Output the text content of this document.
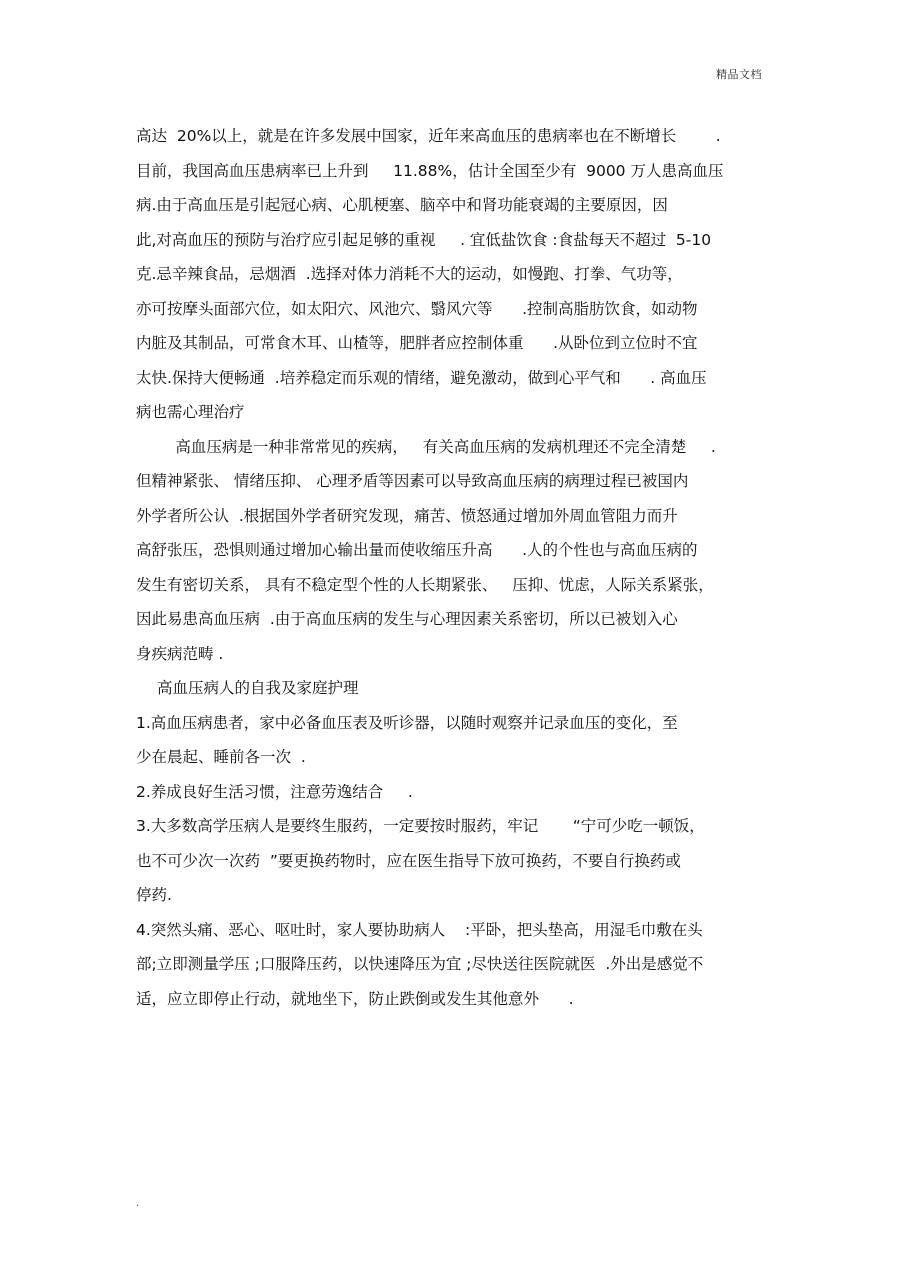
精品文档
高达  20%以上，就是在许多发展中国家，近年来高血压的患病率也在不断增长        .
目前，我国高血压患病率已上升到     11.88%，估计全国至少有  9000 万人患高血压
病.由于高血压是引起冠心病、心肌梗塞、脑卒中和肾功能衰竭的主要原因，因
此,对高血压的预防与治疗应引起足够的重视     . 宜低盐饮食 :食盐每天不超过  5-10
克.忌辛辣食品，忌烟酒  .选择对体力消耗不大的运动，如慢跑、打拳、气功等，
亦可按摩头面部穴位，如太阳穴、风池穴、翳风穴等      .控制高脂肪饮食，如动物
内脏及其制品，可常食木耳、山楂等，肥胖者应控制体重      .从卧位到立位时不宜
太快.保持大便畅通  .培养稳定而乐观的情绪，避免激动，做到心平气和      . 高血压
病也需心理治疗
高血压病是一种非常常见的疾病，   有关高血压病的发病机理还不完全清楚     .
但精神紧张、 情绪压抑、 心理矛盾等因素可以导致高血压病的病理过程已被国内
外学者所公认  .根据国外学者研究发现，痛苦、愤怒通过增加外周血管阻力而升
高舒张压，恐惧则通过增加心输出量而使收缩压升高      .人的个性也与高血压病的
发生有密切关系， 具有不稳定型个性的人长期紧张、   压抑、忧虑，人际关系紧张，
因此易患高血压病  .由于高血压病的发生与心理因素关系密切，所以已被划入心
身疾病范畴 .
高血压病人的自我及家庭护理
1.高血压病患者，家中必备血压表及听诊器，以随时观察并记录血压的变化，至
少在晨起、睡前各一次  .
2.养成良好生活习惯，注意劳逸结合     .
3.大多数高学压病人是要终生服药，一定要按时服药，牢记       “宁可少吃一顿饭，
也不可少次一次药  ”要更换药物时，应在医生指导下放可换药，不要自行换药或
停药.
4.突然头痛、恶心、呕吐时，家人要协助病人    :平卧，把头垫高，用湿毛巾敷在头
部;立即测量学压 ;口服降压药，以快速降压为宜 ;尽快送往医院就医  .外出是感觉不
适，应立即停止行动，就地坐下，防止跌倒或发生其他意外      .
.
